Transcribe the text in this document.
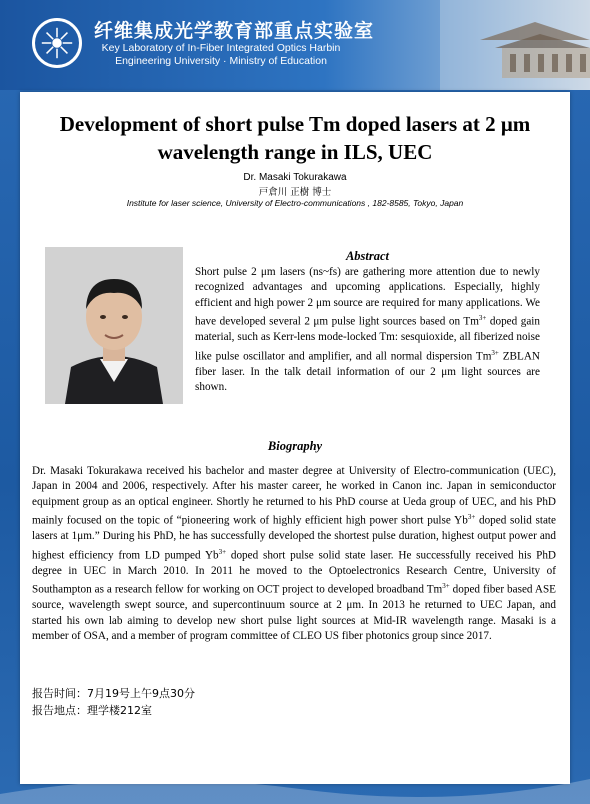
纤维集成光学教育部重点实验室
Key Laboratory of In-Fiber Integrated Optics Harbin
Engineering University · Ministry of Education
Development of short pulse Tm doped lasers at 2 μm wavelength range in ILS, UEC
Dr. Masaki Tokurakawa
戸倉川 正樹 博士
Institute for laser science, University of Electro-communications , 182-8585, Tokyo, Japan
Abstract
Short pulse 2 μm lasers (ns~fs) are gathering more attention due to newly recognized advantages and upcoming applications. Especially, highly efficient and high power 2 μm source are required for many applications. We have developed several 2 μm pulse light sources based on $Tm^{3+}$ doped gain material, such as Kerr-lens mode-locked Tm: sesquioxide, all fiberized noise like pulse oscillator and amplifier, and all normal dispersion $Tm^{3+}$ ZBLAN fiber laser. In the talk detail information of our 2 μm light sources are shown.
Biography
Dr. Masaki Tokurakawa received his bachelor and master degree at University of Electro-communication (UEC), Japan in 2004 and 2006, respectively. After his master career, he worked in Canon inc. Japan in semiconductor equipment group as an optical engineer. Shortly he returned to his PhD course at Ueda group of UEC, and his PhD mainly focused on the topic of “pioneering work of highly efficient high power short pulse $Yb^{3+}$ doped solid state lasers at 1μm.” During his PhD, he has successfully developed the shortest pulse duration, highest output power and highest efficiency from LD pumped $Yb^{3+}$ doped short pulse solid state laser. He successfully received his PhD degree in UEC in March 2010. In 2011 he moved to the Optoelectronics Research Centre, University of Southampton as a research fellow for working on OCT project to developed broadband $Tm^{3+}$ doped fiber based ASE source, wavelength swept source, and supercontinuum source at 2 μm. In 2013 he returned to UEC Japan, and started his own lab aiming to develop new short pulse light sources at Mid-IR wavelength range. Masaki is a member of OSA, and a member of program committee of CLEO US fiber photonics group since 2017.
报告时间：7月19号上午9点30分
报告地点：理学楼212室
哈爾濱工程大學
Harbin Engineering University
